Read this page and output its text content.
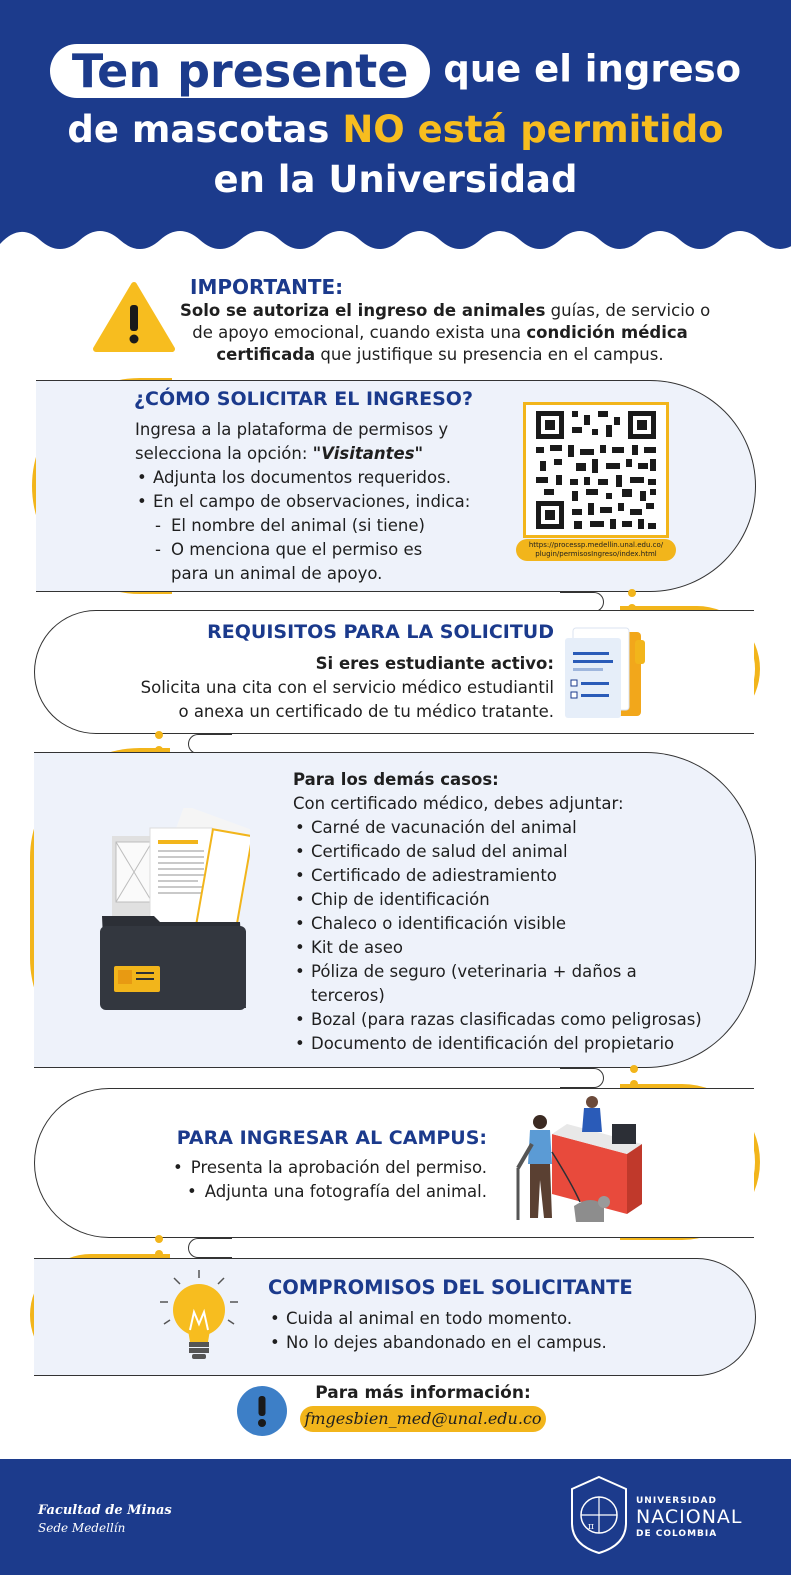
Ten presente que el ingreso
de mascotas NO está permitido
en la Universidad
IMPORTANTE:
Solo se autoriza el ingreso de animales guías, de servicio o
de apoyo emocional, cuando exista una condición médica
certificada que justifique su presencia en el campus.
¿CÓMO SOLICITAR EL INGRESO?
Ingresa a la plataforma de permisos y
selecciona la opción: "Visitantes"
• Adjunta los documentos requeridos.
• En el campo de observaciones, indica:
- El nombre del animal (si tiene)
- O menciona que el permiso es
para un animal de apoyo.
https://processp.medellin.unal.edu.co/
plugin/permisosIngreso/index.html
REQUISITOS PARA LA SOLICITUD
Si eres estudiante activo:
Solicita una cita con el servicio médico estudiantil
o anexa un certificado de tu médico tratante.
Para los demás casos:
Con certificado médico, debes adjuntar:
• Carné de vacunación del animal
• Certificado de salud del animal
• Certificado de adiestramiento
• Chip de identificación
• Chaleco o identificación visible
• Kit de aseo
• Póliza de seguro (veterinaria + daños a
terceros)
• Bozal (para razas clasificadas como peligrosas)
• Documento de identificación del propietario
PARA INGRESAR AL CAMPUS:
• Presenta la aprobación del permiso.
• Adjunta una fotografía del animal.
COMPROMISOS DEL SOLICITANTE
• Cuida al animal en todo momento.
• No lo dejes abandonado en el campus.
Para más información:
fmgesbien_med@unal.edu.co
Facultad de Minas
Sede Medellín	π
UNIVERSIDAD
NACIONAL
DE COLOMBIA
